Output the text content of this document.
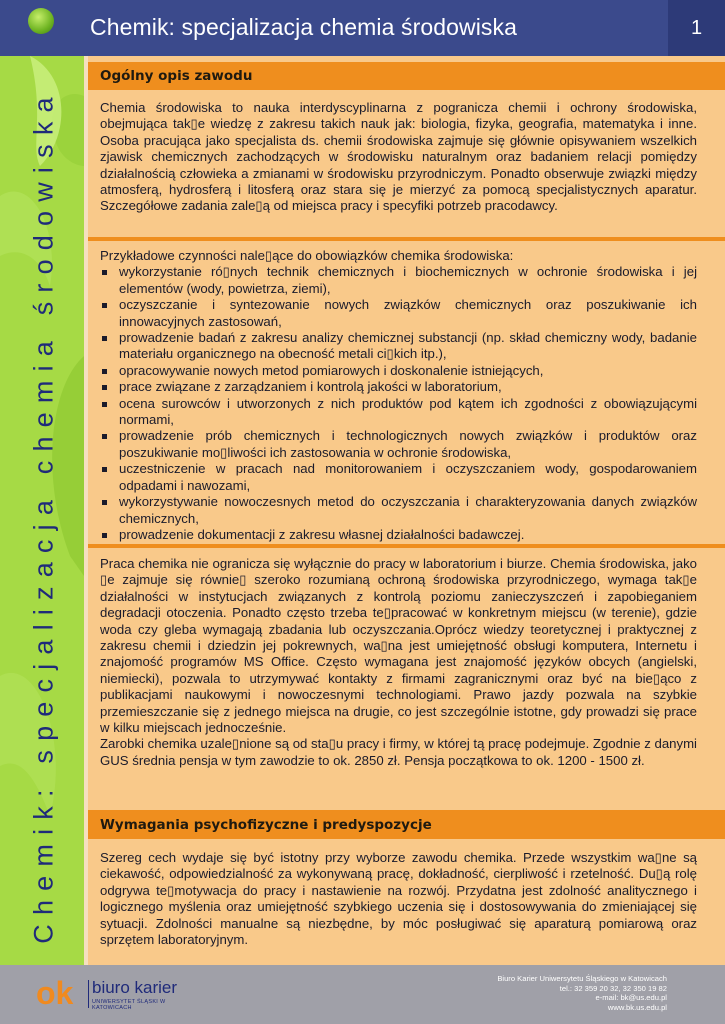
Chemik: specjalizacja chemia środowiska	1
Chemik: specjalizacja chemia środowiska
Ogólny opis zawodu

Chemia środowiska to nauka interdyscyplinarna z pogranicza chemii i ochrony środowiska, obejmująca tak▯e wiedzę z zakresu takich nauk jak: biologia, fizyka, geografia, matematyka i inne. Osoba pracująca jako specjalista ds. chemii środowiska zajmuje się głównie opisywaniem wszelkich zjawisk chemicznych zachodzących w środowisku naturalnym oraz badaniem relacji pomiędzy działalnością człowieka a zmianami w środowisku przyrodniczym. Ponadto obserwuje związki między atmosferą, hydrosferą i litosferą oraz stara się je mierzyć za pomocą specjalistycznych aparatur. Szczegółowe zadania zale▯ą od miejsca pracy i specyfiki potrzeb pracodawcy.

Przykładowe czynności nale▯ące do obowiązków chemika środowiska:

wykorzystanie ró▯nych technik chemicznych i biochemicznych w ochronie środowiska i jej elementów (wody, powietrza, ziemi),
oczyszczanie i syntezowanie nowych związków chemicznych oraz poszukiwanie ich innowacyjnych zastosowań,
prowadzenie badań z zakresu analizy chemicznej substancji (np. skład chemiczny wody, badanie materiału organicznego na obecność metali ci▯kich itp.),
opracowywanie nowych metod pomiarowych i doskonalenie istniejących,
prace związane z zarządzaniem i kontrolą jakości w laboratorium,
ocena surowców i utworzonych z nich produktów pod kątem ich zgodności z obowiązującymi normami,
prowadzenie prób chemicznych i technologicznych nowych związków i produktów oraz poszukiwanie mo▯liwości ich zastosowania w ochronie środowiska,
uczestniczenie w pracach nad monitorowaniem i oczyszczaniem wody, gospodarowaniem odpadami i nawozami,
wykorzystywanie nowoczesnych metod do oczyszczania i charakteryzowania danych związków chemicznych,
prowadzenie dokumentacji z zakresu własnej działalności badawczej.

Praca chemika nie ogranicza się wyłącznie do pracy w laboratorium i biurze. Chemia środowiska, jako ▯e zajmuje się równie▯ szeroko rozumianą ochroną środowiska przyrodniczego, wymaga tak▯e działalności w instytucjach związanych z kontrolą poziomu zanieczyszczeń i zapobieganiem degradacji otoczenia. Ponadto często trzeba te▯pracować w konkretnym miejscu (w terenie), gdzie woda czy gleba wymagają zbadania lub oczyszczania.Oprócz wiedzy teoretycznej i praktycznej z zakresu chemii i dziedzin jej pokrewnych, wa▯na jest umiejętność obsługi komputera, Internetu i znajomość programów MS Office. Często wymagana jest znajomość języków obcych (angielski, niemiecki), pozwala to utrzymywać kontakty z firmami zagranicznymi oraz być na bie▯ąco z publikacjami naukowymi i nowoczesnymi technologiami. Prawo jazdy pozwala na szybkie przemieszczanie się z jednego miejsca na drugie, co jest szczególnie istotne, gdy prowadzi się prace w kilku miejscach jednocześnie.

Zarobki chemika uzale▯nione są od sta▯u pracy i firmy, w której tą pracę podejmuje. Zgodnie z danymi GUS średnia pensja w tym zawodzie to ok. 2850 zł. Pensja początkowa to ok. 1200 - 1500 zł.

Wymagania psychofizyczne i predyspozycje

Szereg cech wydaje się być istotny przy wyborze zawodu chemika. Przede wszystkim wa▯ne są ciekawość, odpowiedzialność za wykonywaną pracę, dokładność, cierpliwość i rzetelność. Du▯ą rolę odgrywa te▯motywacja do pracy i nastawienie na rozwój. Przydatna jest zdolność analitycznego i logicznego myślenia oraz umiejętność szybkiego uczenia się i dostosowywania do zmieniającej się sytuacji. Zdolności manualne są niezbędne, by móc posługiwać się aparaturą pomiarową oraz sprzętem laboratoryjnym.

ok biuro karier
UNIWERSYTET ŚLĄSKI W KATOWICACH
Biuro Karier Uniwersytetu Śląskiego w Katowicach
tel.: 32 359 20 32, 32 350 19 82
e-mail: bk@us.edu.pl
www.bk.us.edu.pl
